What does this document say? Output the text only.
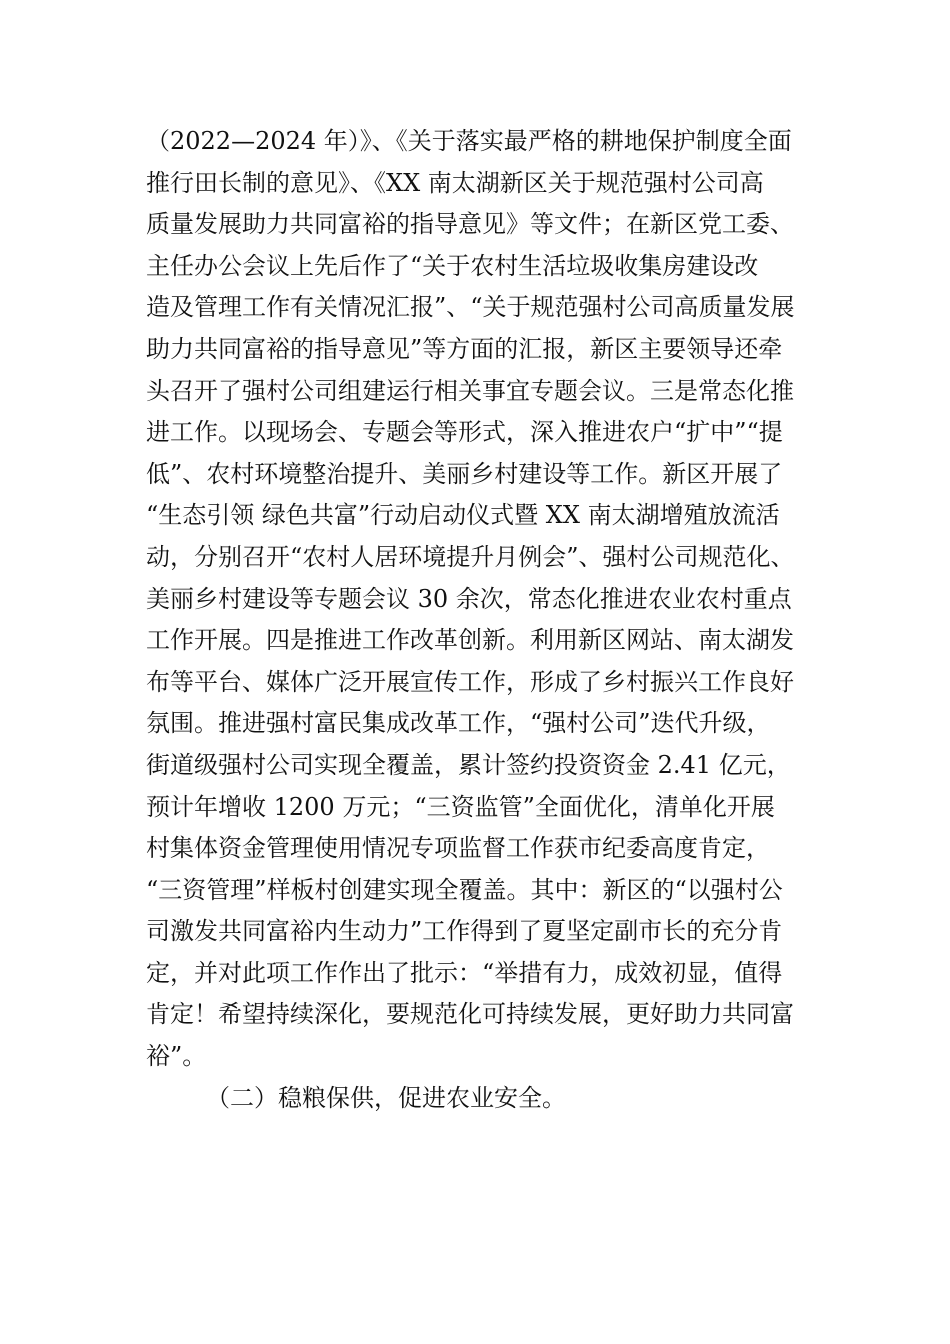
（2022—2024 年）》、《关于落实最严格的耕地保护制度全面
推行田长制的意见》、《XX 南太湖新区关于规范强村公司高
质量发展助力共同富裕的指导意见》等文件；在新区党工委、
主任办公会议上先后作了“关于农村生活垃圾收集房建设改
造及管理工作有关情况汇报”、“关于规范强村公司高质量发展
助力共同富裕的指导意见”等方面的汇报，新区主要领导还牵
头召开了强村公司组建运行相关事宜专题会议。三是常态化推
进工作。以现场会、专题会等形式，深入推进农户“扩中”“提
低”、农村环境整治提升、美丽乡村建设等工作。新区开展了
“生态引领 绿色共富”行动启动仪式暨 XX 南太湖增殖放流活
动，分别召开“农村人居环境提升月例会”、强村公司规范化、
美丽乡村建设等专题会议 30 余次，常态化推进农业农村重点
工作开展。四是推进工作改革创新。利用新区网站、南太湖发
布等平台、媒体广泛开展宣传工作，形成了乡村振兴工作良好
氛围。推进强村富民集成改革工作，“强村公司”迭代升级，
街道级强村公司实现全覆盖，累计签约投资资金 2.41 亿元，
预计年增收 1200 万元；“三资监管”全面优化，清单化开展
村集体资金管理使用情况专项监督工作获市纪委高度肯定，
“三资管理”样板村创建实现全覆盖。其中：新区的“以强村公
司激发共同富裕内生动力”工作得到了夏坚定副市长的充分肯
定，并对此项工作作出了批示：“举措有力，成效初显，值得
肯定！希望持续深化，要规范化可持续发展，更好助力共同富
裕”。
（二）稳粮保供，促进农业安全。
